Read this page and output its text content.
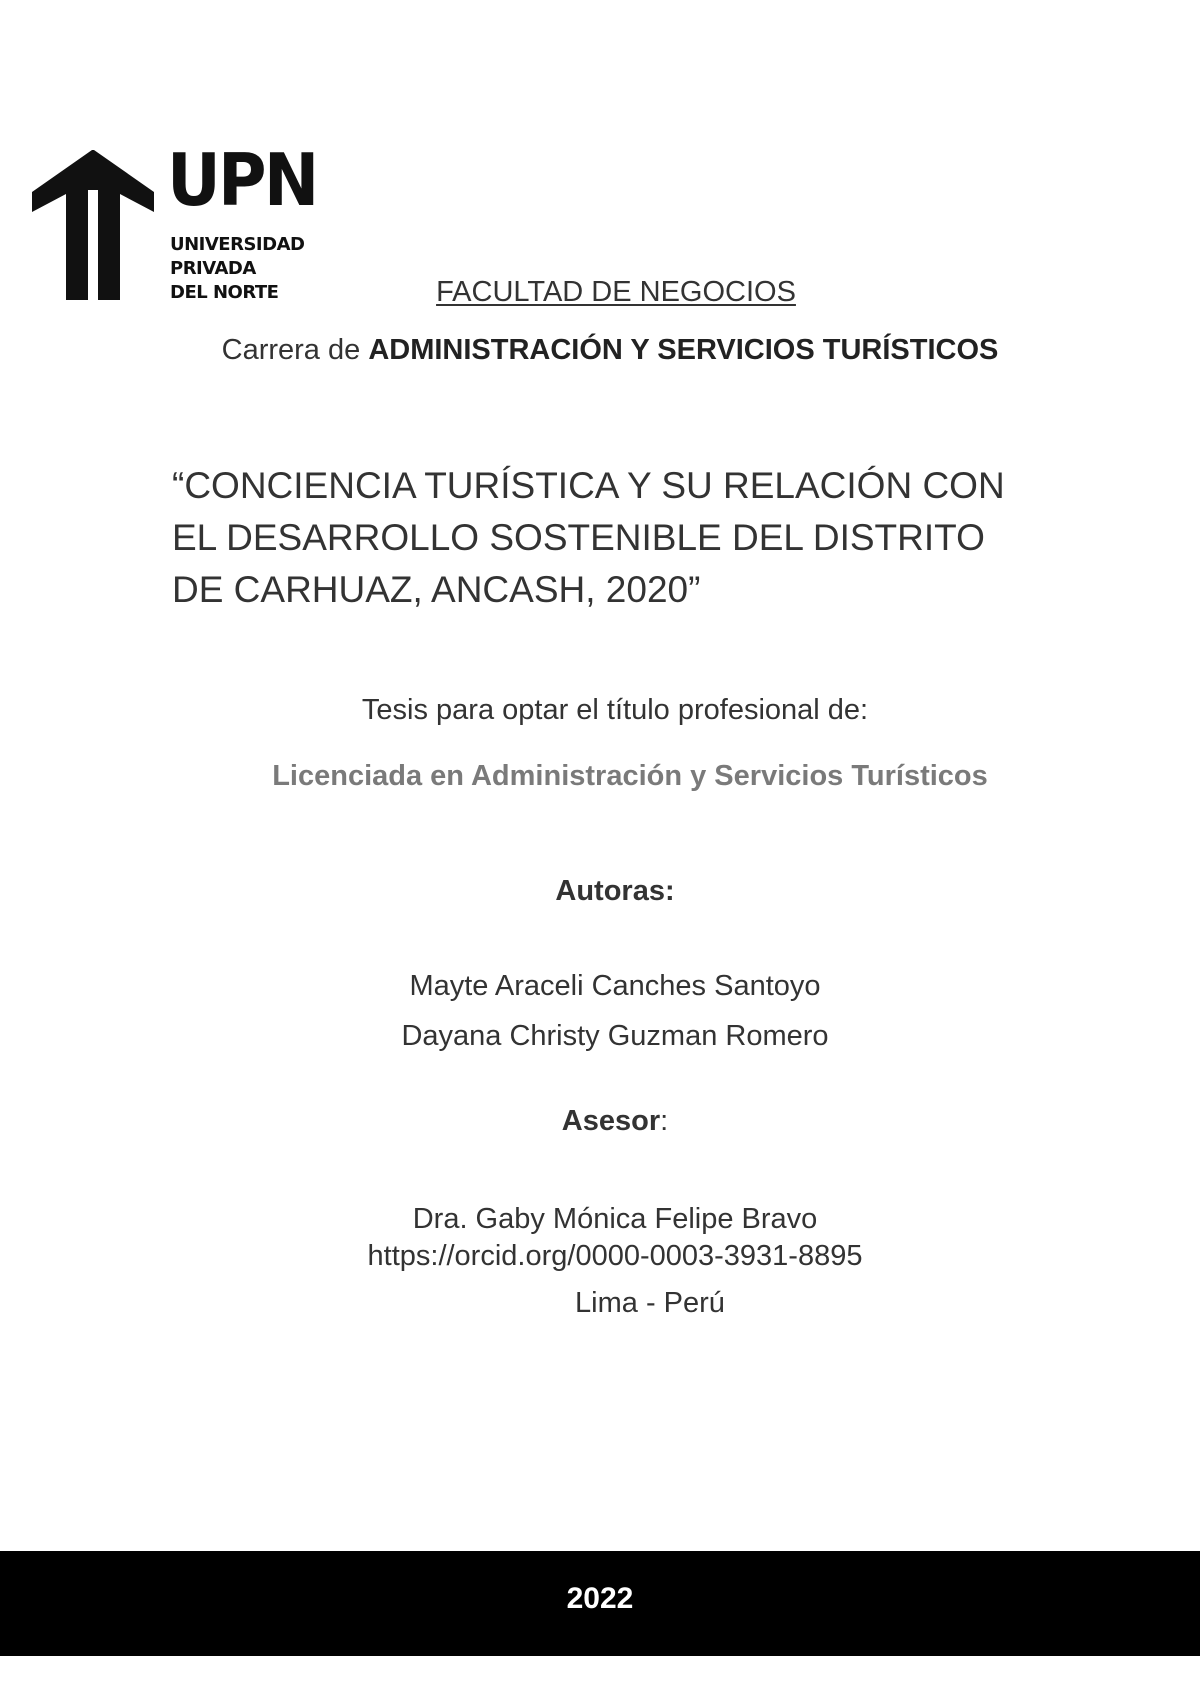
UPN
UNIVERSIDAD
PRIVADA
DEL NORTE	FACULTAD DE NEGOCIOS
Carrera de ADMINISTRACIÓN Y SERVICIOS TURÍSTICOS
“CONCIENCIA TURÍSTICA Y SU RELACIÓN CON
EL DESARROLLO SOSTENIBLE DEL DISTRITO
DE CARHUAZ, ANCASH, 2020”
Tesis para optar el título profesional de:
Licenciada en Administración y Servicios Turísticos
Autoras:
Mayte Araceli Canches Santoyo
Dayana Christy Guzman Romero
Asesor:
Dra. Gaby Mónica Felipe Bravo
https://orcid.org/0000-0003-3931-8895
Lima - Perú
2022
